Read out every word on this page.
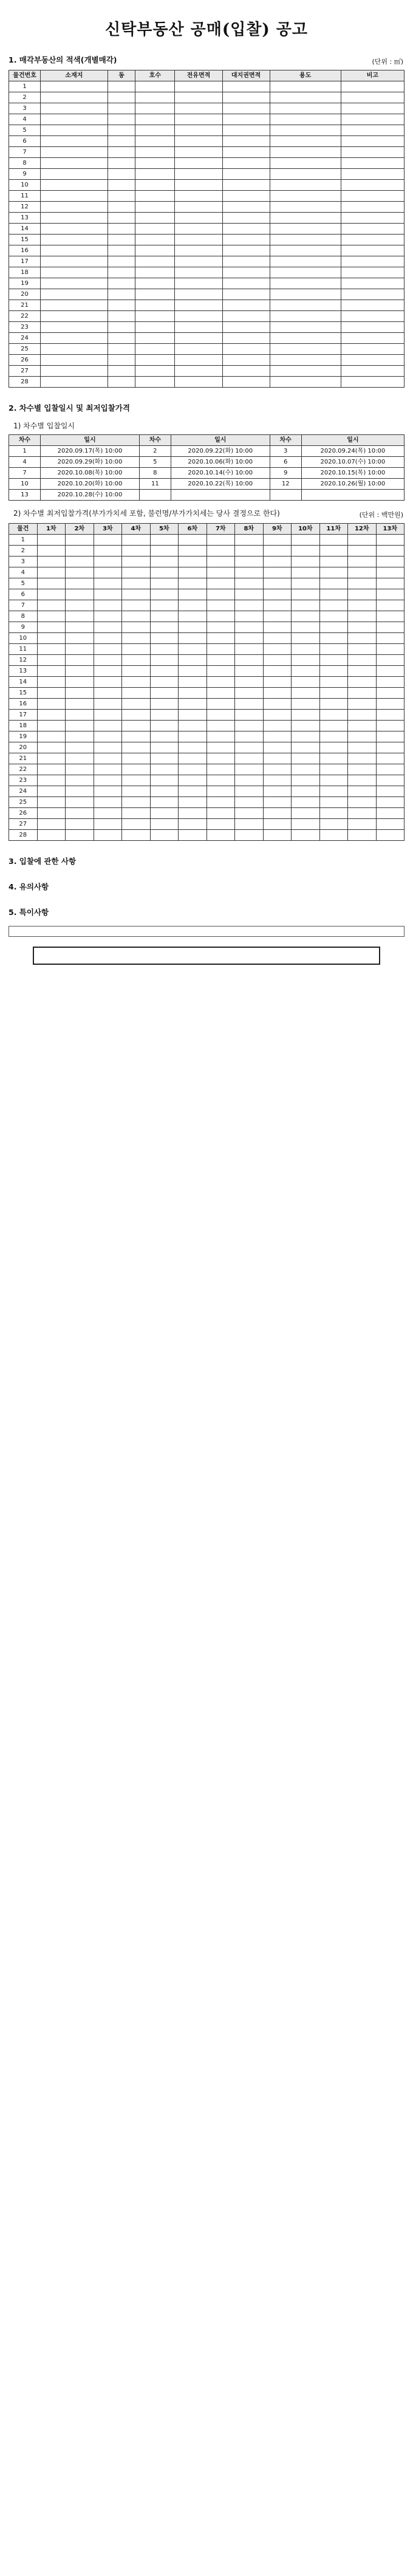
신탁부동산 공매(입찰) 공고
1. 매각부동산의 적색(개별매각)	(단위 : ㎡)
물건번호	소재지	동	호수	전유면적	대지권면적	용도	비고
1							
2							
3							
4							
5							
6							
7							
8							
9							
10							
11							
12							
13							
14							
15							
16							
17							
18							
19							
20							
21							
22							
23							
24							
25							
26							
27							
28							
2. 차수별 입찰일시 및 최저입찰가격
1) 차수별 입찰일시
차수	일시	차수	일시	차수	일시
1	2020.09.17(목) 10:00	2	2020.09.22(화) 10:00	3	2020.09.24(목) 10:00
4	2020.09.29(화) 10:00	5	2020.10.06(화) 10:00	6	2020.10.07(수) 10:00
7	2020.10.08(목) 10:00	8	2020.10.14(수) 10:00	9	2020.10.15(목) 10:00
10	2020.10.20(화) 10:00	11	2020.10.22(목) 10:00	12	2020.10.26(월) 10:00
13	2020.10.28(수) 10:00				
2) 차수별 최저입찰가격(부가가치세 포함, 불런명/부가가치세는 당사 결정으로 한다)	(단위 : 백만원)
물건	1차	2차	3차	4차	5차	6차	7차	8차	9차	10차	11차	12차	13차
1													
2													
3													
4													
5													
6													
7													
8													
9													
10													
11													
12													
13													
14													
15													
16													
17													
18													
19													
20													
21													
22													
23													
24													
25													
26													
27													
28													
3. 입찰에 관한 사항
4. 유의사항
5. 특이사항
